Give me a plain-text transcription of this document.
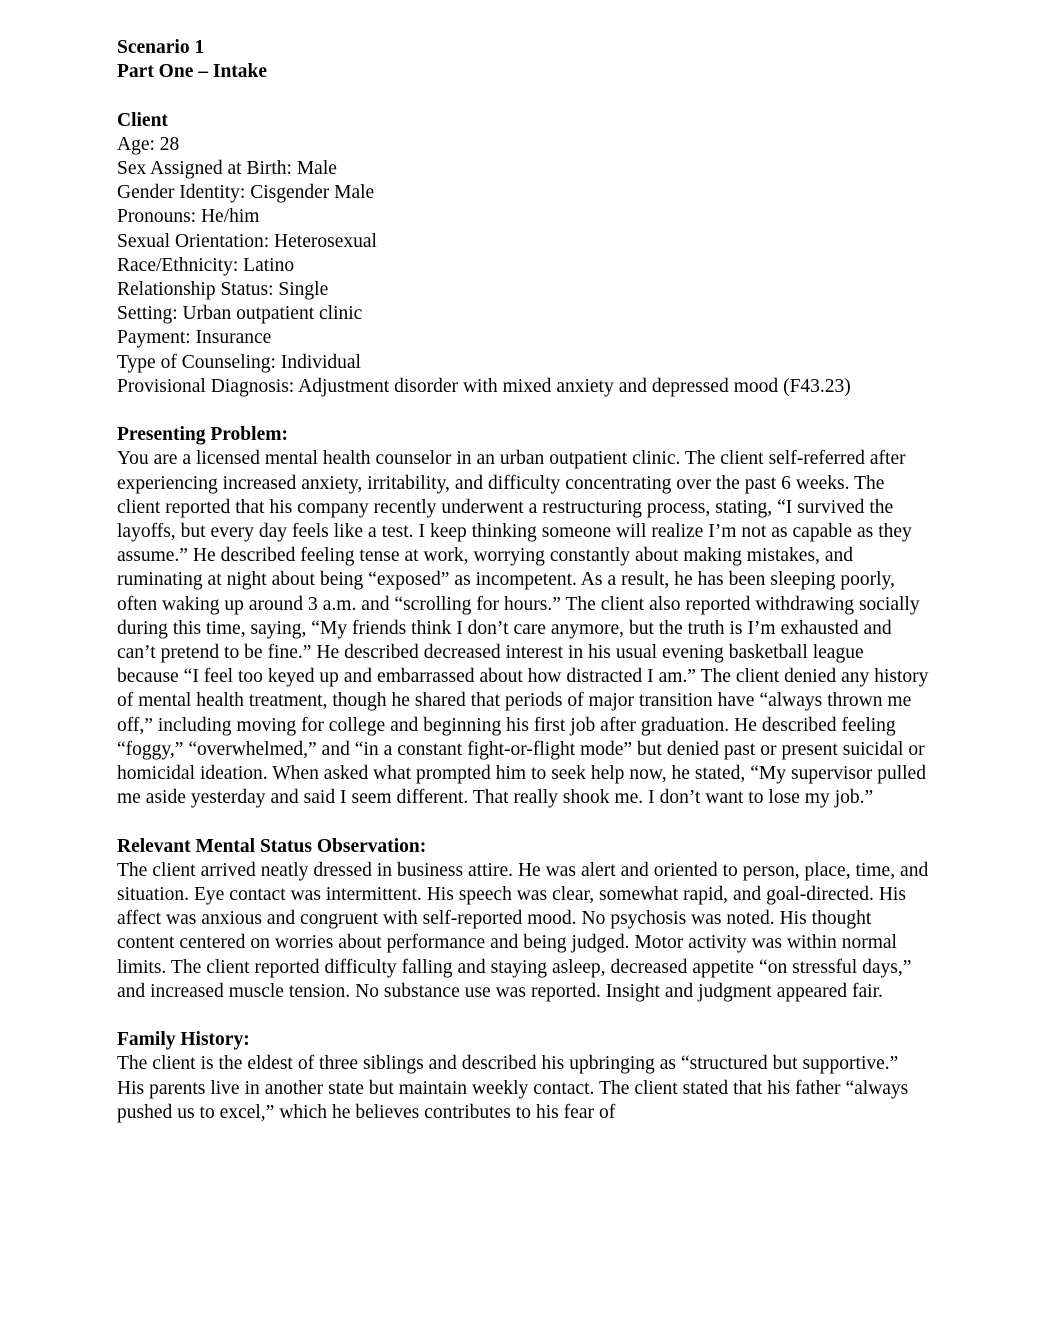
Scenario 1

Part One – Intake

Client

Age: 28

Sex Assigned at Birth: Male

Gender Identity: Cisgender Male

Pronouns: He/him

Sexual Orientation: Heterosexual

Race/Ethnicity: Latino

Relationship Status: Single

Setting: Urban outpatient clinic

Payment: Insurance

Type of Counseling: Individual

Provisional Diagnosis: Adjustment disorder with mixed anxiety and depressed mood (F43.23)

Presenting Problem:

You are a licensed mental health counselor in an urban outpatient clinic. The client self-referred after experiencing increased anxiety, irritability, and difficulty concentrating over the past 6 weeks. The client reported that his company recently underwent a restructuring process, stating, “I survived the layoffs, but every day feels like a test. I keep thinking someone will realize I’m not as capable as they assume.” He described feeling tense at work, worrying constantly about making mistakes, and ruminating at night about being “exposed” as incompetent. As a result, he has been sleeping poorly, often waking up around 3 a.m. and “scrolling for hours.” The client also reported withdrawing socially during this time, saying, “My friends think I don’t care anymore, but the truth is I’m exhausted and can’t pretend to be fine.” He described decreased interest in his usual evening basketball league because “I feel too keyed up and embarrassed about how distracted I am.” The client denied any history of mental health treatment, though he shared that periods of major transition have “always thrown me off,” including moving for college and beginning his first job after graduation. He described feeling “foggy,” “overwhelmed,” and “in a constant fight-or-flight mode” but denied past or present suicidal or homicidal ideation. When asked what prompted him to seek help now, he stated, “My supervisor pulled me aside yesterday and said I seem different. That really shook me. I don’t want to lose my job.”

Relevant Mental Status Observation:

The client arrived neatly dressed in business attire. He was alert and oriented to person, place, time, and situation. Eye contact was intermittent. His speech was clear, somewhat rapid, and goal-directed. His affect was anxious and congruent with self-reported mood. No psychosis was noted. His thought content centered on worries about performance and being judged. Motor activity was within normal limits. The client reported difficulty falling and staying asleep, decreased appetite “on stressful days,” and increased muscle tension. No substance use was reported. Insight and judgment appeared fair.

Family History:

The client is the eldest of three siblings and described his upbringing as “structured but supportive.” His parents live in another state but maintain weekly contact. The client stated that his father “always pushed us to excel,” which he believes contributes to his fear of
